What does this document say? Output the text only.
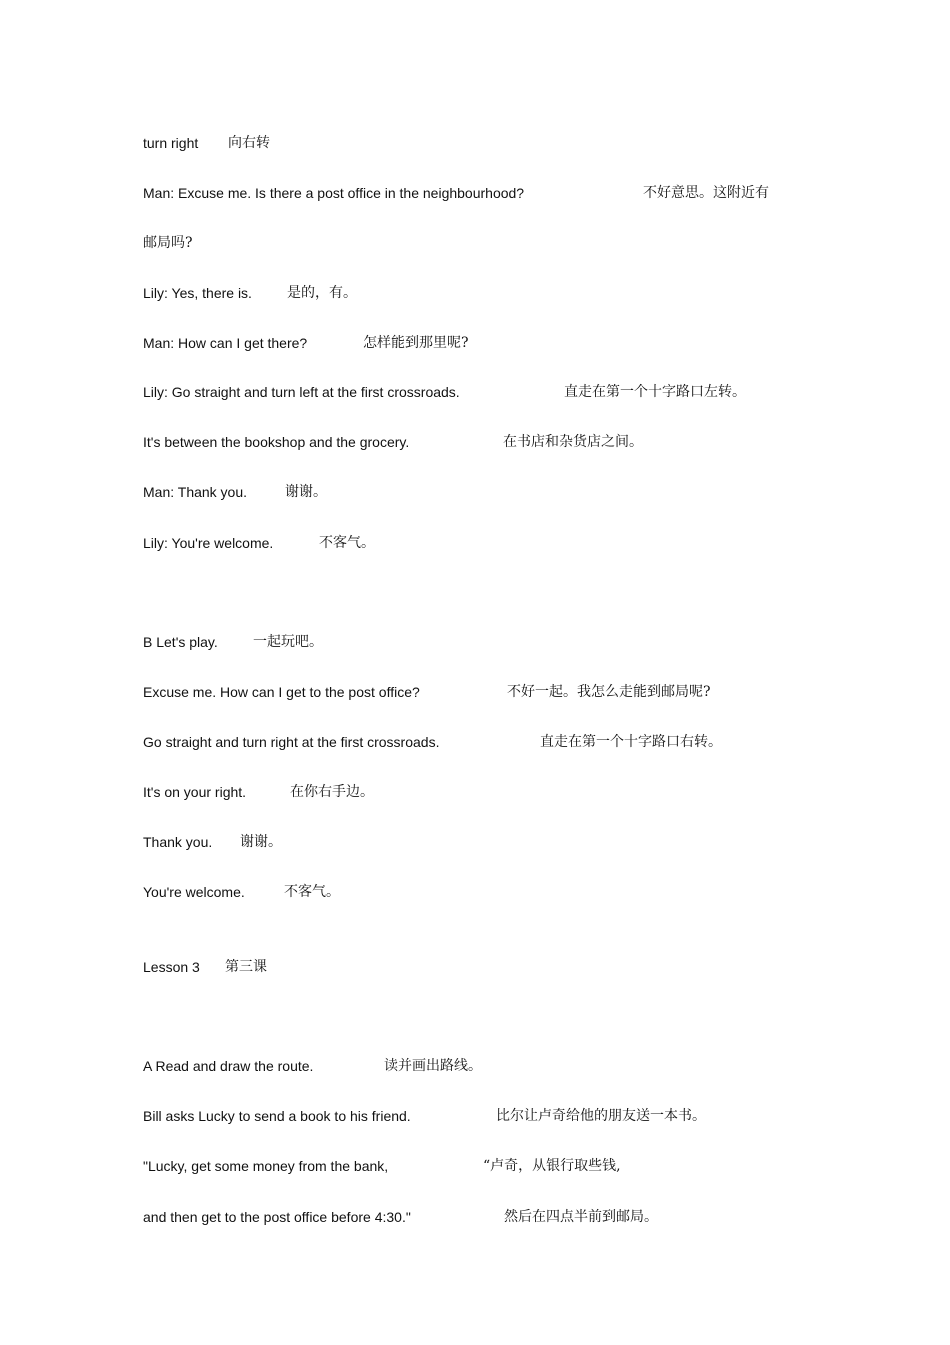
turn right 向右转
Man: Excuse me. Is there a post office in the neighbourhood?	不好意思。这附近有
邮局吗?
Lily: Yes, there is.	是的，有。
Man: How can I get there?	怎样能到那里呢?
Lily: Go straight and turn left at the first crossroads.	直走在第一个十字路口左转。
It's between the bookshop and the grocery.	在书店和杂货店之间。
Man: Thank you.	谢谢。
Lily: You're welcome.	不客气。
B Let's play.	一起玩吧。
Excuse me. How can I get to the post office?	不好一起。我怎么走能到邮局呢?
Go straight and turn right at the first crossroads.	直走在第一个十字路口右转。
It's on your right.	在你右手边。
Thank you. 谢谢。
You're welcome.	不客气。
Lesson 3 第三课
A Read and draw the route.	读并画出路线。
Bill asks Lucky to send a book to his friend.	比尔让卢奇给他的朋友送一本书。
"Lucky, get some money from the bank,	“卢奇，从银行取些钱,
and then get to the post office before 4:30."	然后在四点半前到邮局。
